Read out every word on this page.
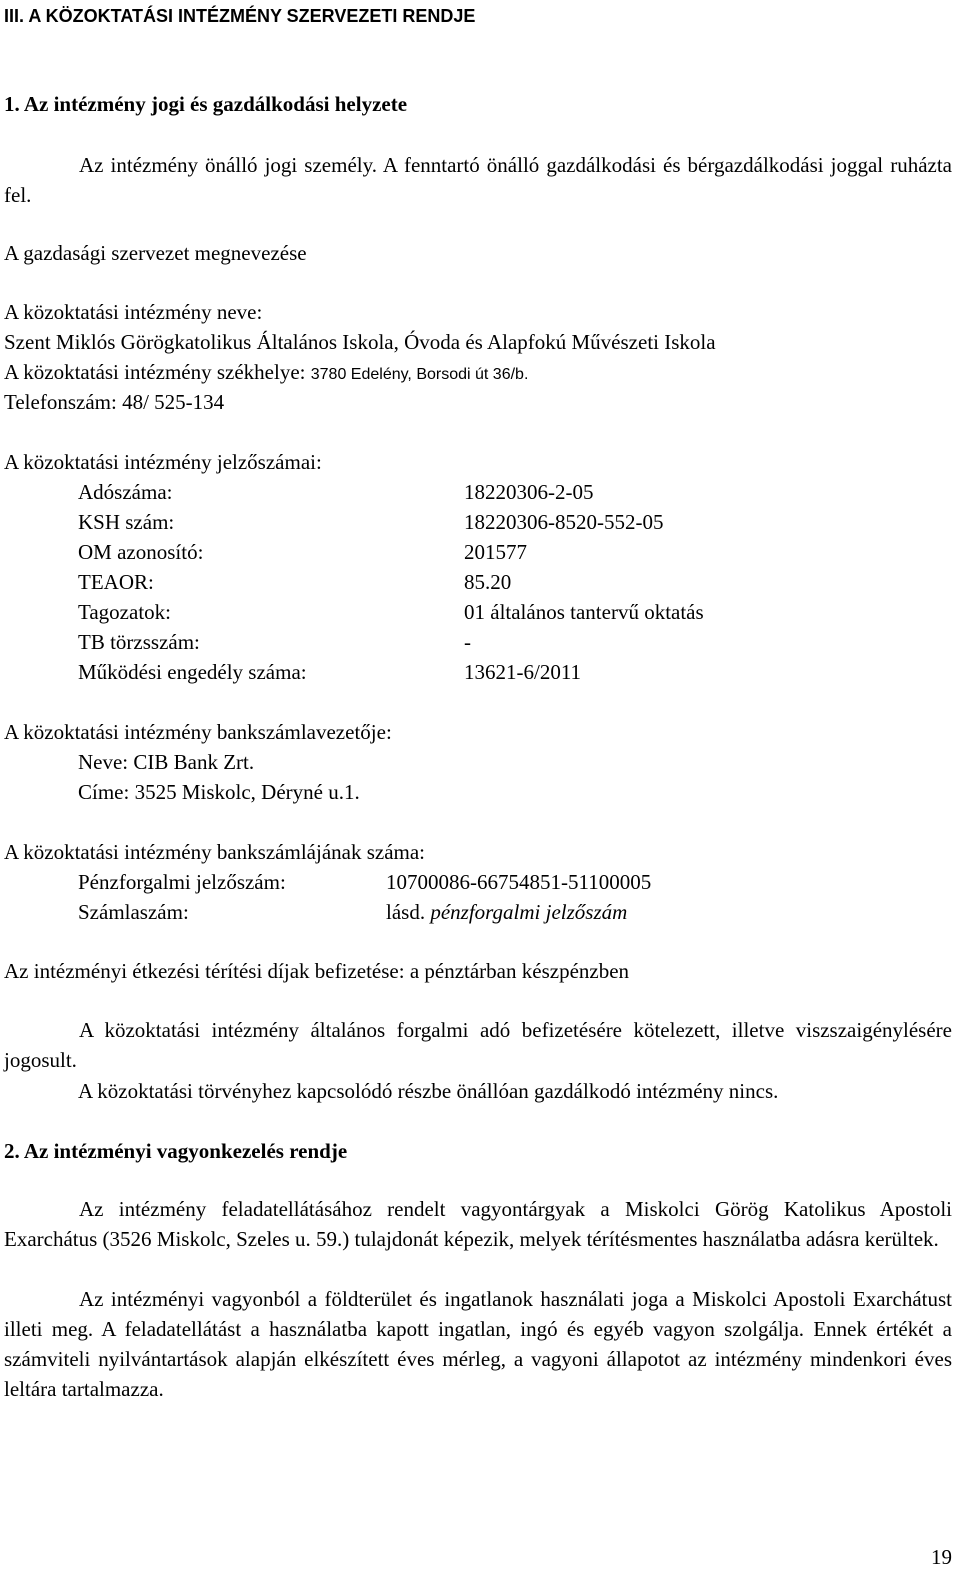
III. A KÖZOKTATÁSI INTÉZMÉNY SZERVEZETI RENDJE
1. Az intézmény jogi és gazdálkodási helyzete
Az intézmény önálló jogi személy. A fenntartó önálló gazdálkodási és bérgazdálkodási joggal ruházta fel.
A gazdasági szervezet megnevezése
A közoktatási intézmény neve:
Szent Miklós Görögkatolikus Általános Iskola, Óvoda és Alapfokú Művészeti Iskola
A közoktatási intézmény székhelye: 3780 Edelény, Borsodi út 36/b.
Telefonszám: 48/ 525-134
A közoktatási intézmény jelzőszámai:
Adószáma:	18220306-2-05
KSH szám:	18220306-8520-552-05
OM azonosító:	201577
TEAOR:	85.20
Tagozatok:	01 általános tantervű oktatás
TB törzsszám:	-
Működési engedély száma:	13621-6/2011
A közoktatási intézmény bankszámlavezetője:
Neve: CIB Bank Zrt.
Címe: 3525 Miskolc, Déryné u.1.
A közoktatási intézmény bankszámlájának száma:
Pénzforgalmi jelzőszám:	10700086-66754851-51100005
Számlaszám:	lásd. pénzforgalmi jelzőszám
Az intézményi étkezési térítési díjak befizetése: a pénztárban készpénzben
A közoktatási intézmény általános forgalmi adó befizetésére kötelezett, illetve viszszaigénylésére jogosult.
A közoktatási törvényhez kapcsolódó részbe önállóan gazdálkodó intézmény nincs.
2. Az intézményi vagyonkezelés rendje
Az intézmény feladatellátásához rendelt vagyontárgyak a Miskolci Görög Katolikus Apostoli Exarchátus (3526 Miskolc, Szeles u. 59.) tulajdonát képezik, melyek térítésmentes használatba adásra kerültek.
Az intézményi vagyonból a földterület és ingatlanok használati joga a Miskolci Apostoli Exarchátust illeti meg. A feladatellátást a használatba kapott ingatlan, ingó és egyéb vagyon szolgálja. Ennek értékét a számviteli nyilvántartások alapján elkészített éves mérleg, a vagyoni állapotot az intézmény mindenkori éves leltára tartalmazza.
19
